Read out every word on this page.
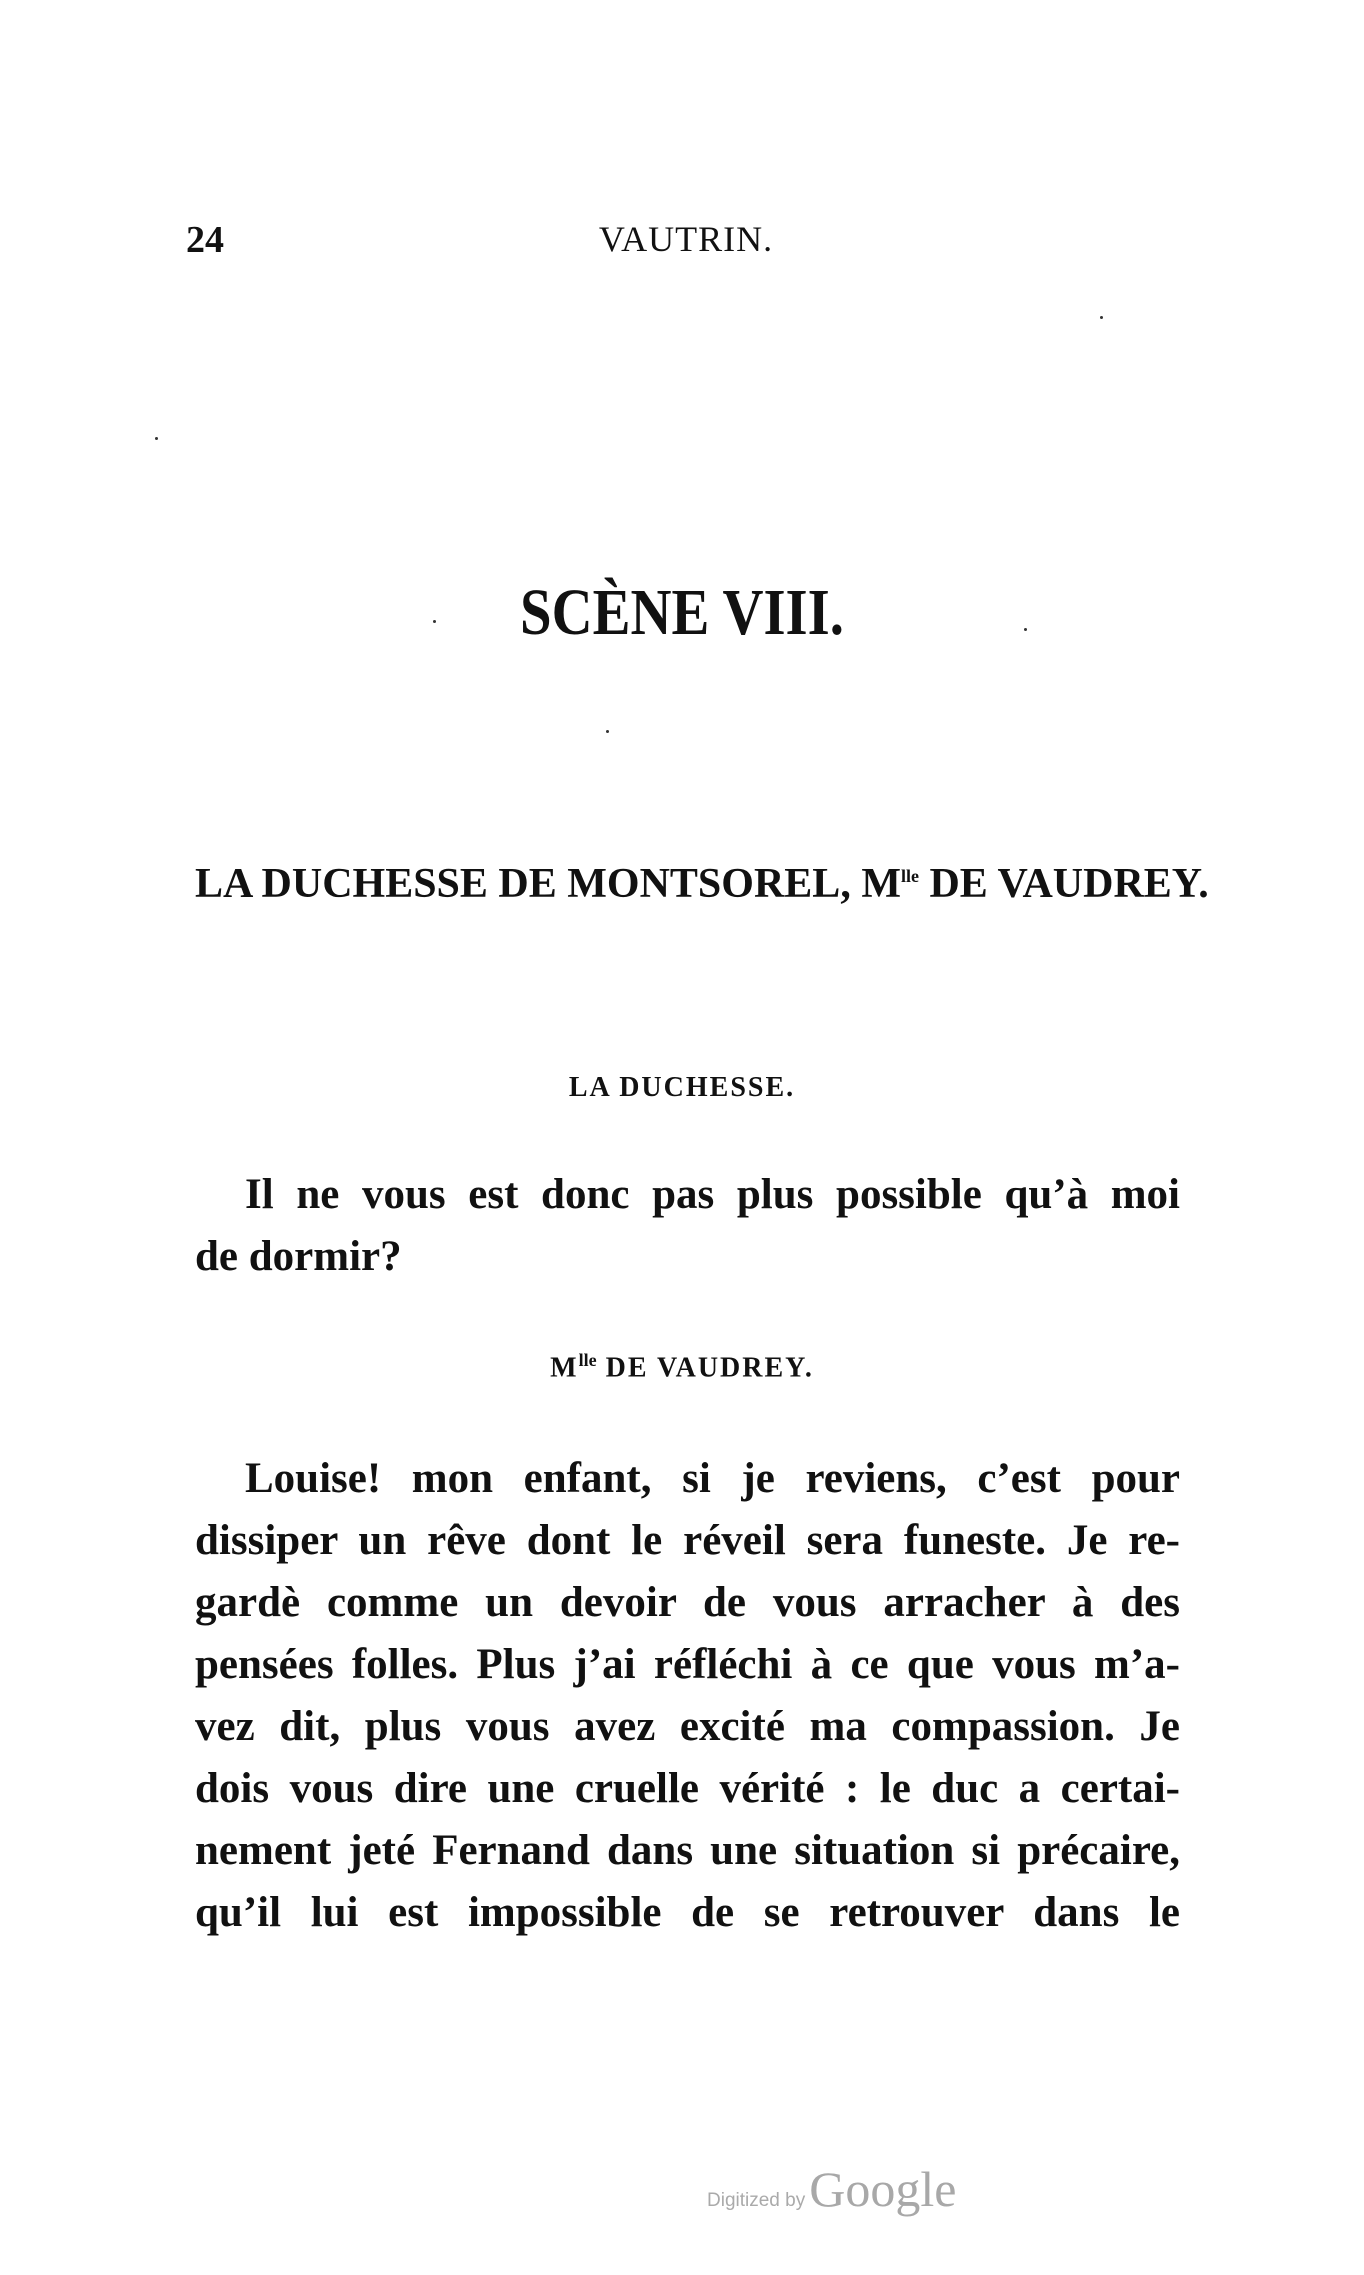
24	VAUTRIN.
SCÈNE VIII.
LA DUCHESSE DE MONTSOREL, $M^{lle}$ DE VAUDREY.
LA DUCHESSE.
Il ne vous est donc pas plus possible qu’à moi
de dormir?
$M^{lle}$ DE VAUDREY.
Louise! mon enfant, si je reviens, c’est pour
dissiper un rêve dont le réveil sera funeste. Je re-
gardè comme un devoir de vous arracher à des
pensées folles. Plus j’ai réfléchi à ce que vous m’a-
vez dit, plus vous avez excité ma compassion. Je
dois vous dire une cruelle vérité : le duc a certai-
nement jeté Fernand dans une situation si précaire,
qu’il lui est impossible de se retrouver dans le
Digitized by Google
